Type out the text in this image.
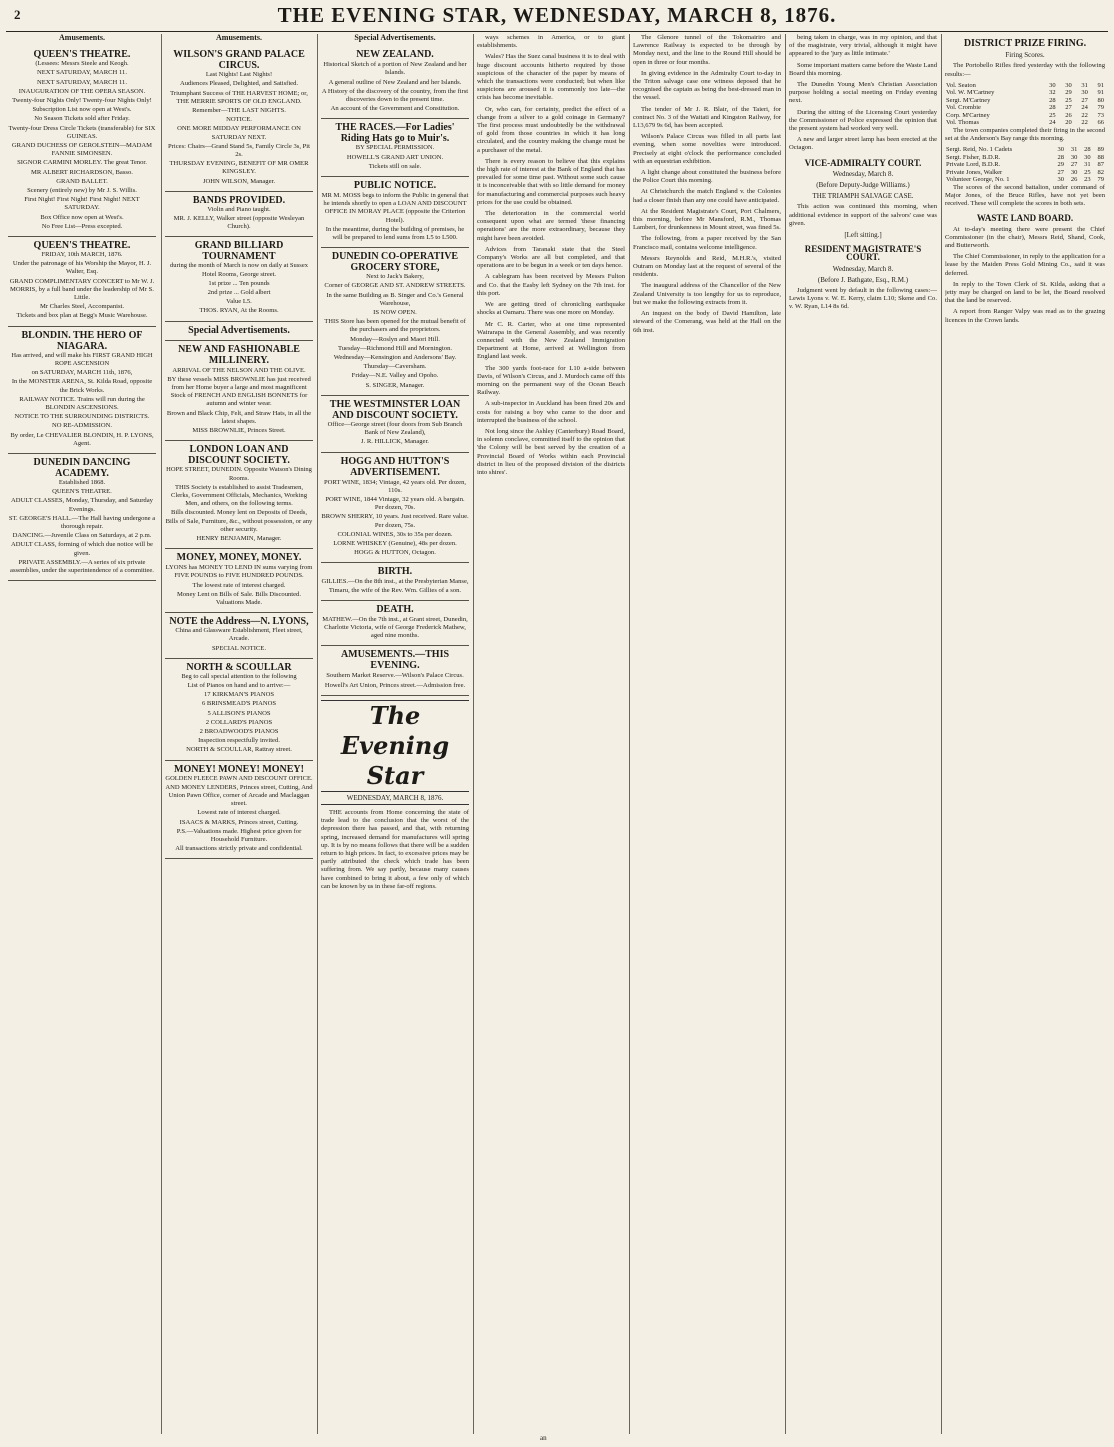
2	THE EVENING STAR, WEDNESDAY, MARCH 8, 1876.
Amusements.
QUEEN'S THEATRE.
(Lessees: Messrs Steele and Keogh.

NEXT SATURDAY, MARCH 11.

NEXT SATURDAY, MARCH 11.

INAUGURATION OF THE OPERA SEASON.

Twenty-four Nights Only! Twenty-four Nights Only!

Subscription List now open at West's.

No Season Tickets sold after Friday.

Twenty-four Dress Circle Tickets (transferable) for SIX GUINEAS.

GRAND DUCHESS OF GEROLSTEIN—MADAM FANNIE SIMONSEN.

SIGNOR CARMINI MORLEY. The great Tenor.

MR ALBERT RICHARDSON, Basso.

GRAND BALLET.

Scenery (entirely new) by Mr J. S. Willis.

First Night! First Night! First Night! NEXT SATURDAY.

Box Office now open at West's.

No Free List—Press excepted.

QUEEN'S THEATRE.
FRIDAY, 10th MARCH, 1876.

Under the patronage of his Worship the Mayor, H. J. Walter, Esq.

GRAND COMPLIMENTARY CONCERT to Mr W. J. MORRIS, by a full band under the leadership of Mr S. Little.

Mr Charles Steel, Accompanist.

Tickets and box plan at Begg's Music Warehouse.

BLONDIN. THE HERO OF NIAGARA.
Has arrived, and will make his FIRST GRAND HIGH ROPE ASCENSION

on SATURDAY, MARCH 11th, 1876,

In the MONSTER ARENA, St. Kilda Road, opposite the Brick Works.

RAILWAY NOTICE. Trains will run during the BLONDIN ASCENSIONS.

NOTICE TO THE SURROUNDING DISTRICTS.

NO RE-ADMISSION.

By order, Le CHEVALIER BLONDIN, H. P. LYONS, Agent.

DUNEDIN DANCING ACADEMY.
Established 1868.

QUEEN'S THEATRE.

ADULT CLASSES, Monday, Thursday, and Saturday Evenings.

ST. GEORGE'S HALL.—The Hall having undergone a thorough repair.

DANCING.—Juvenile Class on Saturdays, at 2 p.m.

ADULT CLASS, forming of which due notice will be given.

PRIVATE ASSEMBLY.—A series of six private assemblies, under the superintendence of a committee.

Amusements.
WILSON'S GRAND PALACE CIRCUS.
Last Nights! Last Nights!

Audiences Pleased, Delighted, and Satisfied.

Triumphant Success of THE HARVEST HOME; or, THE MERRIE SPORTS OF OLD ENGLAND.

Remember—THE LAST NIGHTS.

NOTICE.

ONE MORE MIDDAY PERFORMANCE ON SATURDAY NEXT.

Prices: Chairs—Grand Stand 5s, Family Circle 3s, Pit 2s.

THURSDAY EVENING, BENEFIT OF MR OMER KINGSLEY.

JOHN WILSON, Manager.

BANDS PROVIDED.
Violin and Piano taught.

MR. J. KELLY, Walker street (opposite Wesleyan Church).

GRAND BILLIARD TOURNAMENT
during the month of March is now on daily at Sussex Hotel Rooms, George street.

1st prize ... Ten pounds

2nd prize ... Gold albert

Value L5.

THOS. RYAN, At the Rooms.

Special Advertisements.
NEW AND FASHIONABLE MILLINERY.

ARRIVAL OF THE NELSON AND THE OLIVE.

BY these vessels MISS BROWNLIE has just received from her Home buyer a large and most magnificent Stock of FRENCH AND ENGLISH BONNETS for autumn and winter wear.

Brown and Black Chip, Felt, and Straw Hats, in all the latest shapes.

MISS BROWNLIE, Princes Street.

LONDON LOAN AND DISCOUNT SOCIETY.
HOPE STREET, DUNEDIN. Opposite Watson's Dining Rooms.

THIS Society is established to assist Tradesmen, Clerks, Government Officials, Mechanics, Working Men, and others, on the following terms.

Bills discounted. Money lent on Deposits of Deeds, Bills of Sale, Furniture, &c., without possession, or any other security.

HENRY BENJAMIN, Manager.

MONEY, MONEY, MONEY.

LYONS has MONEY TO LEND IN sums varying from FIVE POUNDS to FIVE HUNDRED POUNDS.

The lowest rate of interest charged.

Money Lent on Bills of Sale. Bills Discounted. Valuations Made.

NOTE the Address—N. LYONS,
China and Glassware Establishment, Fleet street, Arcade.

SPECIAL NOTICE.

NORTH & SCOULLAR
Beg to call special attention to the following

List of Pianos on hand and to arrive:—

17 KIRKMAN'S PIANOS

6 BRINSMEAD'S PIANOS

5 ALLISON'S PIANOS

2 COLLARD'S PIANOS

2 BROADWOOD'S PIANOS

Inspection respectfully invited.

NORTH & SCOULLAR, Rattray street.

MONEY! MONEY! MONEY!
GOLDEN FLEECE PAWN AND DISCOUNT OFFICE.

AND MONEY LENDERS, Princes street, Cutting, And Union Pawn Office, corner of Arcade and Maclaggan street.

Lowest rate of interest charged.

ISAACS & MARKS, Princes street, Cutting.

P.S.—Valuations made. Highest price given for Household Furniture.

All transactions strictly private and confidential.

Special Advertisements.
NEW ZEALAND.

Historical Sketch of a portion of New Zealand and her Islands.

A general outline of New Zealand and her Islands.

A History of the discovery of the country, from the first discoveries down to the present time.

An account of the Government and Constitution.

THE RACES.—For Ladies' Riding Hats go to Muir's.
BY SPECIAL PERMISSION.

HOWELL'S GRAND ART UNION.

Tickets still on sale.

PUBLIC NOTICE.

MR M. MOSS begs to inform the Public in general that he intends shortly to open a LOAN AND DISCOUNT OFFICE IN MORAY PLACE (opposite the Criterion Hotel).

In the meantime, during the building of premises, he will be prepared to lend sums from L5 to L500.

DUNEDIN CO-OPERATIVE GROCERY STORE,
Next to Jack's Bakery,

Corner of GEORGE AND ST. ANDREW STREETS.

In the same Building as B. Singer and Co.'s General Warehouse,

IS NOW OPEN.

THIS Store has been opened for the mutual benefit of the purchasers and the proprietors.

Monday—Roslyn and Maori Hill.

Tuesday—Richmond Hill and Mornington.

Wednesday—Kensington and Andersons' Bay.

Thursday—Caversham.

Friday—N.E. Valley and Opoho.

S. SINGER, Manager.

THE WESTMINSTER LOAN AND DISCOUNT SOCIETY.
Office—George street (four doors from Sub Branch Bank of New Zealand),

J. R. HILLICK, Manager.

HOGG AND HUTTON'S ADVERTISEMENT.

PORT WINE, 1834; Vintage, 42 years old. Per dozen, 110s.

PORT WINE, 1844 Vintage, 32 years old. A bargain. Per dozen, 70s.

BROWN SHERRY, 10 years. Just received. Rare value. Per dozen, 75s.

COLONIAL WINES, 30s to 35s per dozen.

LORNE WHISKEY (Genuine), 48s per dozen.

HOGG & HUTTON, Octagon.

BIRTH.

GILLIES.—On the 8th inst., at the Presbyterian Manse, Timaru, the wife of the Rev. Wm. Gillies of a son.

DEATH.

MATHEW.—On the 7th inst., at Grant street, Dunedin, Charlotte Victoria, wife of George Frederick Mathew, aged nine months.

AMUSEMENTS.—THIS EVENING.

Southern Market Reserve.—Wilson's Palace Circus.

Howell's Art Union, Princes street.—Admission free.

The Evening Star
WEDNESDAY, MARCH 8, 1876.

THE accounts from Home concerning the state of trade lead to the conclusion that the worst of the depression there has passed, and that, with returning spring, increased demand for manufactures will spring up. It is by no means follows that there will be a sudden return to high prices. In fact, to excessive prices may be partly attributed the check which trade has been suffering from. We say partly, because many causes have combined to bring it about, a few only of which can be known by us in these far-off regions.

ways schemes in America, or to giant establishments.

Wales? Has the Suez canal business it is to deal with huge discount accounts hitherto required by those suspicious of the character of the paper by means of which the transactions were conducted; but when like suspicions are aroused it is commonly too late—the crisis has become inevitable.

Or, who can, for certainty, predict the effect of a change from a silver to a gold coinage in Germany? The first process must undoubtedly be the withdrawal of gold from those countries in which it has long circulated, and the country making the change must be a purchaser of the metal.

There is every reason to believe that this explains the high rate of interest at the Bank of England that has prevailed for some time past. Without some such cause it is inconceivable that with so little demand for money for manufacturing and commercial purposes such heavy prices for the use could be obtained.

The deterioration in the commercial world consequent upon what are termed 'these financing operations' are the more extraordinary, because they might have been avoided.

Advices from Taranaki state that the Steel Company's Works are all but completed, and that operations are to be begun in a week or ten days hence.

A cablegram has been received by Messrs Fulton and Co. that the Easby left Sydney on the 7th inst. for this port.

We are getting tired of chronicling earthquake shocks at Oamaru. There was one more on Monday.

Mr C. R. Carter, who at one time represented Wairarapa in the General Assembly, and was recently connected with the New Zealand Immigration Department at Home, arrived at Wellington from England last week.

The 300 yards foot-race for L10 a-side between Davis, of Wilson's Circus, and J. Murdoch came off this morning on the permanent way of the Ocean Beach Railway.

A sub-inspector in Auckland has been fined 20s and costs for raising a boy who came to the door and interrupted the business of the school.

Not long since the Ashley (Canterbury) Road Board, in solemn conclave, committed itself to the opinion that 'the Colony will be best served by the creation of a Provincial Board of Works within each Provincial district in lieu of the proposed division of the districts into shires'.

The Glenore tunnel of the Tokomairiro and Lawrence Railway is expected to be through by Monday next, and the line to the Round Hill should be open in three or four months.

In giving evidence in the Admiralty Court to-day in the Triton salvage case one witness deposed that he recognised the captain as being the best-dressed man in the vessel.

The tender of Mr J. R. Blair, of the Taieri, for contract No. 3 of the Waitati and Kingston Railway, for L13,679 9s 6d, has been accepted.

Wilson's Palace Circus was filled in all parts last evening, when some novelties were introduced. Precisely at eight o'clock the performance concluded with an equestrian exhibition.

A light change about constituted the business before the Police Court this morning.

At Christchurch the match England v. the Colonies had a closer finish than any one could have anticipated.

At the Resident Magistrate's Court, Port Chalmers, this morning, before Mr Mansford, R.M., Thomas Lambert, for drunkenness in Mount street, was fined 5s.

The following, from a paper received by the San Francisco mail, contains welcome intelligence.

Messrs Reynolds and Reid, M.H.R.'s, visited Outram on Monday last at the request of several of the residents.

The inaugural address of the Chancellor of the New Zealand University is too lengthy for us to reproduce, but we make the following extracts from it.

An inquest on the body of David Hamilton, late steward of the Comerang, was held at the Hall on the 6th inst.

being taken in charge, was in my opinion, and that of the magistrate, very trivial, although it might have appeared to the 'jury as little intimate.'

Some important matters came before the Waste Land Board this morning.

The Dunedin Young Men's Christian Association purpose holding a social meeting on Friday evening next.

During the sitting of the Licensing Court yesterday the Commissioner of Police expressed the opinion that the present system had worked very well.

A new and larger street lamp has been erected at the Octagon.

VICE-ADMIRALTY COURT.
Wednesday, March 8.
(Before Deputy-Judge Williams.)
THE TRIAMPH SALVAGE CASE.

This action was continued this morning, when additional evidence in support of the salvors' case was given.

[Left sitting.]
RESIDENT MAGISTRATE'S COURT.
Wednesday, March 8.
(Before J. Bathgate, Esq., R.M.)

Judgment went by default in the following cases:—Lewis Lyons v. W. E. Kerry, claim L10; Skene and Co. v. W. Ryan, L14 8s 6d.

DISTRICT PRIZE FIRING.
Firing Scores.

The Portobello Rifles fired yesterday with the following results:—

Vol. Seaton	30	30	31	91
Vol. W. M'Cartney	32	29	30	91
Sergt. M'Cartney	28	25	27	80
Vol. Crombie	28	27	24	79
Corp. M'Cartney	25	26	22	73
Vol. Thomas	24	20	22	66

The town companies completed their firing in the second set at the Anderson's Bay range this morning.

Sergt. Reid, No. 1 Cadets	30	31	28	89
Sergt. Fisher, B.D.R.	28	30	30	88
Private Lord, B.D.R.	29	27	31	87
Private Jones, Walker	27	30	25	82
Volunteer George, No. 1	30	26	23	79

The scores of the second battalion, under command of Major Jones, of the Bruce Rifles, have not yet been received. These will complete the scores in both sets.

WASTE LAND BOARD.

At to-day's meeting there were present the Chief Commissioner (in the chair), Messrs Reid, Shand, Cook, and Butterworth.

The Chief Commissioner, in reply to the application for a lease by the Maiden Press Gold Mining Co., said it was deferred.

In reply to the Town Clerk of St. Kilda, asking that a jetty may be charged on land to be let, the Board resolved that the land be reserved.

A report from Ranger Valpy was read as to the grazing licences in the Crown lands.

an
